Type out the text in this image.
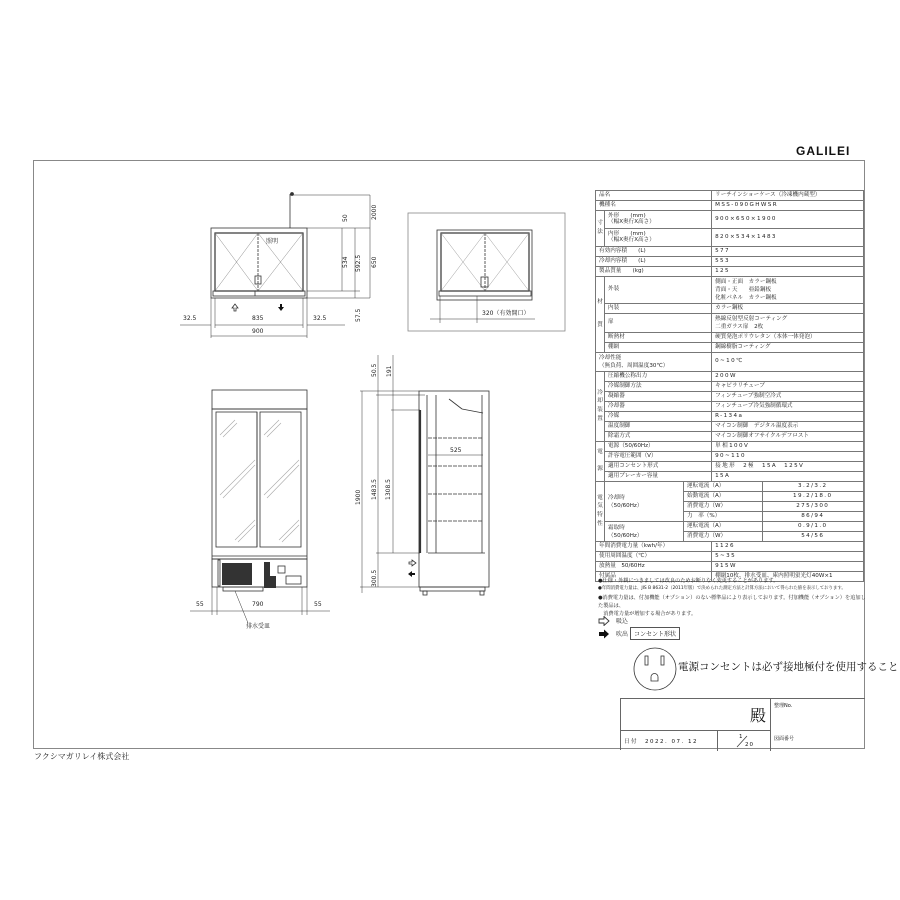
GALILEI
フクシマガリレイ株式会社
照明
32.5	835	32.5
900
50	2000
534 592.5 650
57.5	320（有効開口）
55	790	55
排水受皿
525
1900 1483.5 1308.5
50.5 191
300.5
品名			リーチインショーケース（冷凍機内蔵型）	
機種名			MSS-090GHWSR	

寸
法	外形　　(mm)
（幅X奥行X高さ）		900×650×1900	
	内形　　(mm)
（幅X奥行X高さ）		820×534×1483	
有効内容積　　(L)			577	
冷却内容積　　(L)			553	
製品質量　　(kg)			125	

材

質	外装		側面・正面　カラー鋼板
背面・天　　亜鉛鋼板
化粧パネル　カラー鋼板	
	内装		カラー鋼板	
	扉		熱線反射型反射コーティング
二重ガラス扉　2枚	
	断熱材		硬質発泡ポリウレタン（本体一体発泡）	
	棚網		鋼線樹脂コーティング	
冷却性能
（無負荷、周囲温度30℃）			0~10℃	

冷
却
装
置	圧縮機公称出力		200W	
	冷媒制御方法		キャピラリチューブ	
	凝縮器		フィンチューブ強制空冷式	
	冷却器		フィンチューブ冷気強制循環式	
	冷媒		R-134a	
	温度制御		マイコン制御　デジタル温度表示	
	除霜方式		マイコン制御オフサイクルデフロスト	

電

源	電源（50/60Hz）		単相100V	
	許容電圧範囲（V）		90~110	
	適用コンセント形式		接地形　2極　15A　125V	
	適用ブレーカー容量		15A	

電
気
特
性	冷却時
（50/60Hz）	運転電流（A）		3.2/3.2
		始動電流（A）		19.2/18.0
		消費電力（W）		275/300
		力　率（%）		86/94
	霜取時
（50/60Hz）	運転電流（A）		0.9/1.0
		消費電力（W）		54/56
年間消費電力量（kwh/年）			1126	
使用周囲温度（℃）			5~35	
放熱量　50/60Hz			915W	
付属品			棚網10枚、排水受皿、庫内照明蛍光灯40W×1	
●仕様・外観につきましては改良のためお断りなく変更することがあります。
●年間消費電力量は、JIS B 8631-2（2011年版）で決められた測定方法と計算方法において得られた値を表示しております。
●消費電力量は、付加機能（オプション）のない標準品により表示しております。付加機能（オプション）を追加した製品は、
　消費電力量が増加する場合があります。
吸込
吹出 コンセント形状
電源コンセントは必ず接地極付を使用すること
殿 整理No.
日付　2022. 07. 12
1
20
図面番号
